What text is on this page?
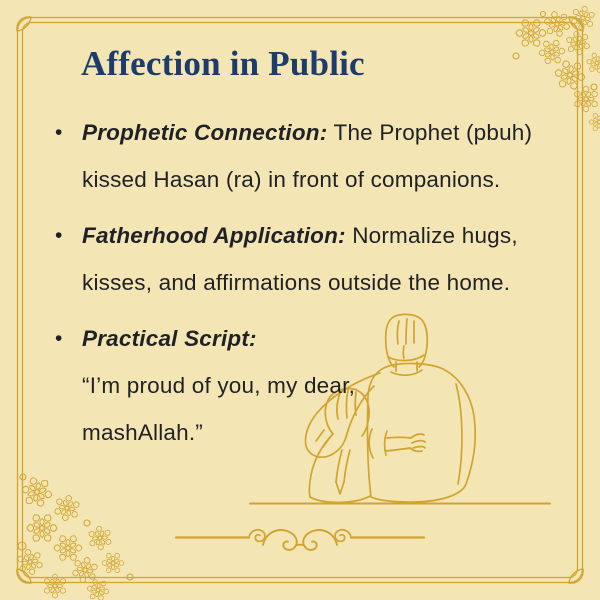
Affection in Public
• Prophetic Connection: The Prophet (pbuh)
kissed Hasan (ra) in front of companions.
• Fatherhood Application: Normalize hugs,
kisses, and affirmations outside the home.
• Practical Script:
“I’m proud of you, my dear,
mashAllah.”
